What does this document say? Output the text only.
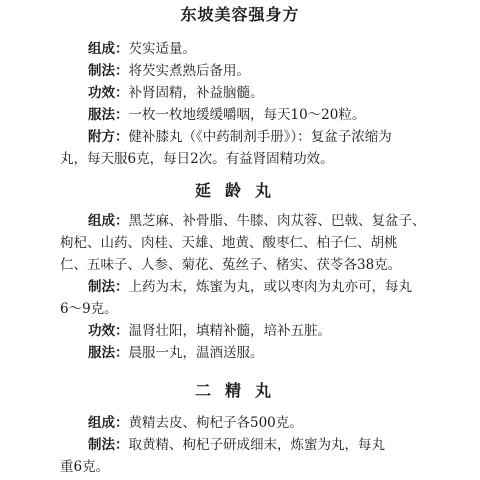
东坡美容强身方
组成：芡实适量。
制法：将芡实煮熟后备用。
功效：补肾固精，补益脑髓。
服法：一枚一枚地缓缓嚼咽，每天10～20粒。
附方：健补膝丸（《中药制剂手册》）：复盆子浓缩为
丸，每天服6克，每日2次。有益肾固精功效。
延龄丸
组成：黑芝麻、补骨脂、牛膝、肉苁蓉、巴戟、复盆子、
枸杞、山药、肉桂、天雄、地黄、酸枣仁、柏子仁、胡桃
仁、五味子、人参、菊花、菟丝子、楮实、茯苓各38克。
制法：上药为末，炼蜜为丸，或以枣肉为丸亦可，每丸
6～9克。
功效：温肾壮阳，填精补髓，培补五脏。
服法：晨服一丸，温酒送服。
二精丸
组成：黄精去皮、枸杞子各500克。
制法：取黄精、枸杞子研成细末，炼蜜为丸，每丸
重6克。
